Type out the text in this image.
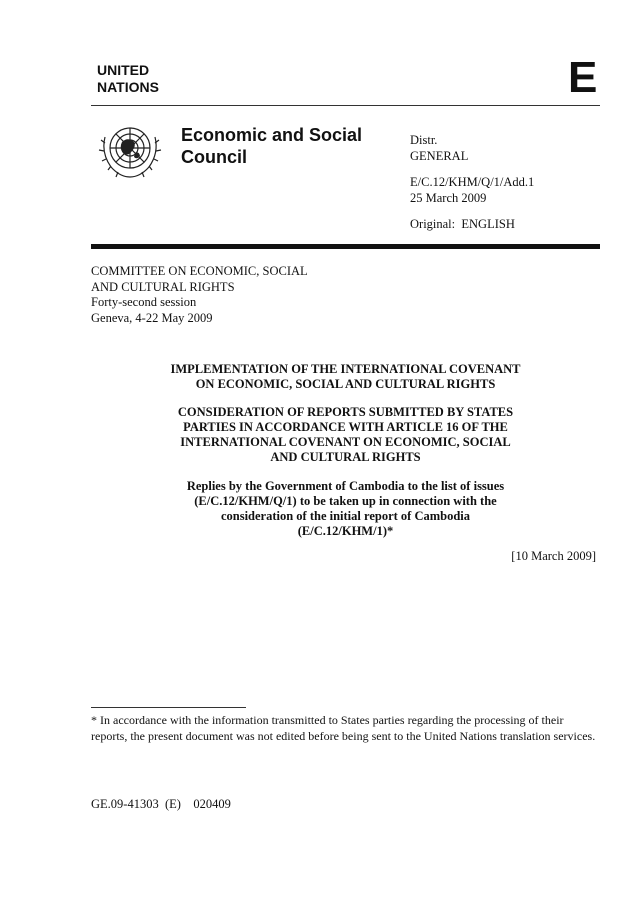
UNITED
NATIONS	E
Economic and Social
Council
Distr.
GENERAL
E/C.12/KHM/Q/1/Add.1
25 March 2009
Original:  ENGLISH
COMMITTEE ON ECONOMIC, SOCIAL
AND CULTURAL RIGHTS
Forty-second session
Geneva, 4-22 May 2009
IMPLEMENTATION OF THE INTERNATIONAL COVENANT
ON ECONOMIC, SOCIAL AND CULTURAL RIGHTS
CONSIDERATION OF REPORTS SUBMITTED BY STATES
PARTIES IN ACCORDANCE WITH ARTICLE 16 OF THE
INTERNATIONAL COVENANT ON ECONOMIC, SOCIAL
AND CULTURAL RIGHTS
Replies by the Government of Cambodia to the list of issues
(E/C.12/KHM/Q/1) to be taken up in connection with the
consideration of the initial report of Cambodia
(E/C.12/KHM/1)*
[10 March 2009]
* In accordance with the information transmitted to States parties regarding the processing of their reports, the present document was not edited before being sent to the United Nations translation services.
GE.09-41303  (E)    020409
